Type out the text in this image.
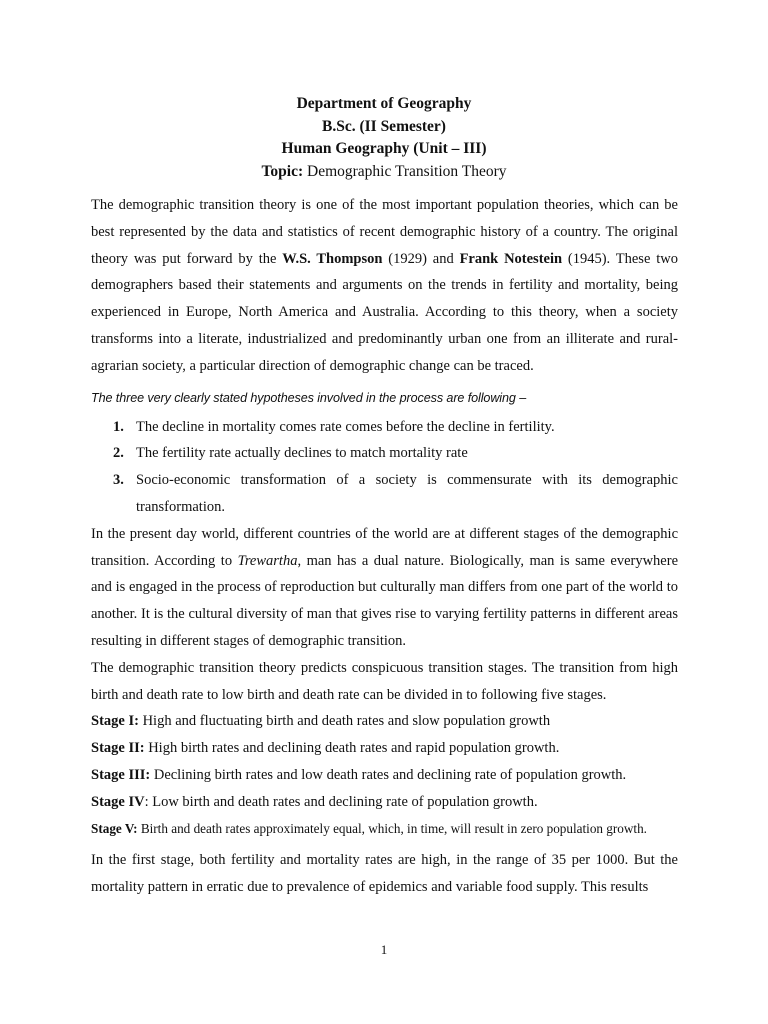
Department of Geography
B.Sc. (II Semester)
Human Geography (Unit – III)
Topic: Demographic Transition Theory

The demographic transition theory is one of the most important population theories, which can be best represented by the data and statistics of recent demographic history of a country. The original theory was put forward by the W.S. Thompson (1929) and Frank Notestein (1945). These two demographers based their statements and arguments on the trends in fertility and mortality, being experienced in Europe, North America and Australia. According to this theory, when a society transforms into a literate, industrialized and predominantly urban one from an illiterate and rural- agrarian society, a particular direction of demographic change can be traced.

The three very clearly stated hypotheses involved in the process are following –

1. The decline in mortality comes rate comes before the decline in fertility.
2. The fertility rate actually declines to match mortality rate
3. Socio-economic transformation of a society is commensurate with its demographic transformation.

In the present day world, different countries of the world are at different stages of the demographic transition. According to Trewartha, man has a dual nature. Biologically, man is same everywhere and is engaged in the process of reproduction but culturally man differs from one part of the world to another. It is the cultural diversity of man that gives rise to varying fertility patterns in different areas resulting in different stages of demographic transition.

The demographic transition theory predicts conspicuous transition stages. The transition from high birth and death rate to low birth and death rate can be divided in to following five stages.

Stage I: High and fluctuating birth and death rates and slow population growth
Stage II: High birth rates and declining death rates and rapid population growth.
Stage III: Declining birth rates and low death rates and declining rate of population growth.
Stage IV: Low birth and death rates and declining rate of population growth.
Stage V: Birth and death rates approximately equal, which, in time, will result in zero population growth.

In the first stage, both fertility and mortality rates are high, in the range of 35 per 1000. But the mortality pattern in erratic due to prevalence of epidemics and variable food supply. This results

1
